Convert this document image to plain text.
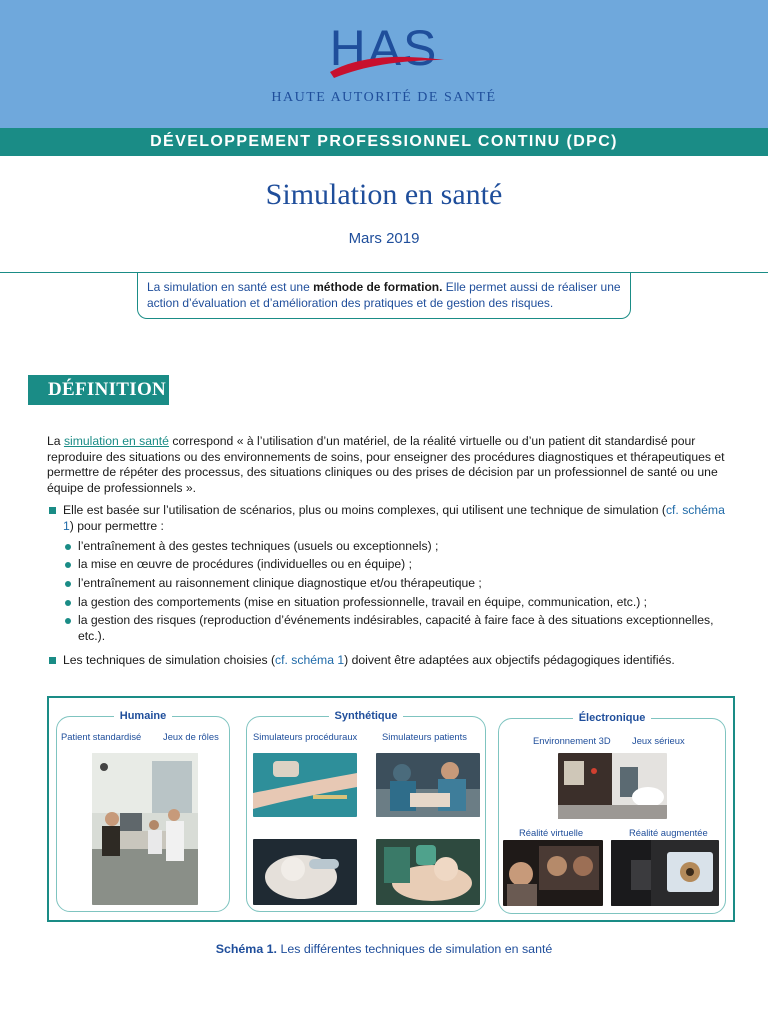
HAS
HAUTE AUTORITÉ DE SANTÉ
DÉVELOPPEMENT PROFESSIONNEL CONTINU (DPC)
Simulation en santé
Mars 2019
La simulation en santé est une méthode de formation. Elle permet aussi de réaliser une action d’évaluation et d’amélioration des pratiques et de gestion des risques.
DÉFINITION
La simulation en santé correspond « à l’utilisation d’un matériel, de la réalité virtuelle ou d’un patient dit standardisé pour reproduire des situations ou des environnements de soins, pour enseigner des procédures diagnostiques et thérapeutiques et permettre de répéter des processus, des situations cliniques ou des prises de décision par un professionnel de santé ou une équipe de professionnels ».
Elle est basée sur l’utilisation de scénarios, plus ou moins complexes, qui utilisent une technique de simulation (cf. schéma 1) pour permettre :
l’entraînement à des gestes techniques (usuels ou exceptionnels) ;
la mise en œuvre de procédures (individuelles ou en équipe) ;
l’entraînement au raisonnement clinique diagnostique et/ou thérapeutique ;
la gestion des comportements (mise en situation professionnelle, travail en équipe, communication, etc.) ;
la gestion des risques (reproduction d’événements indésirables, capacité à faire face à des situations exceptionnelles, etc.).
Les techniques de simulation choisies (cf. schéma 1) doivent être adaptées aux objectifs pédagogiques identifiés.
Humaine
Patient standardisé Jeux de rôles
Synthétique
Simulateurs procéduraux	Simulateurs patients
Électronique
Environnement 3D Jeux sérieux
Réalité virtuelle	Réalité augmentée
Schéma 1. Les différentes techniques de simulation en santé
